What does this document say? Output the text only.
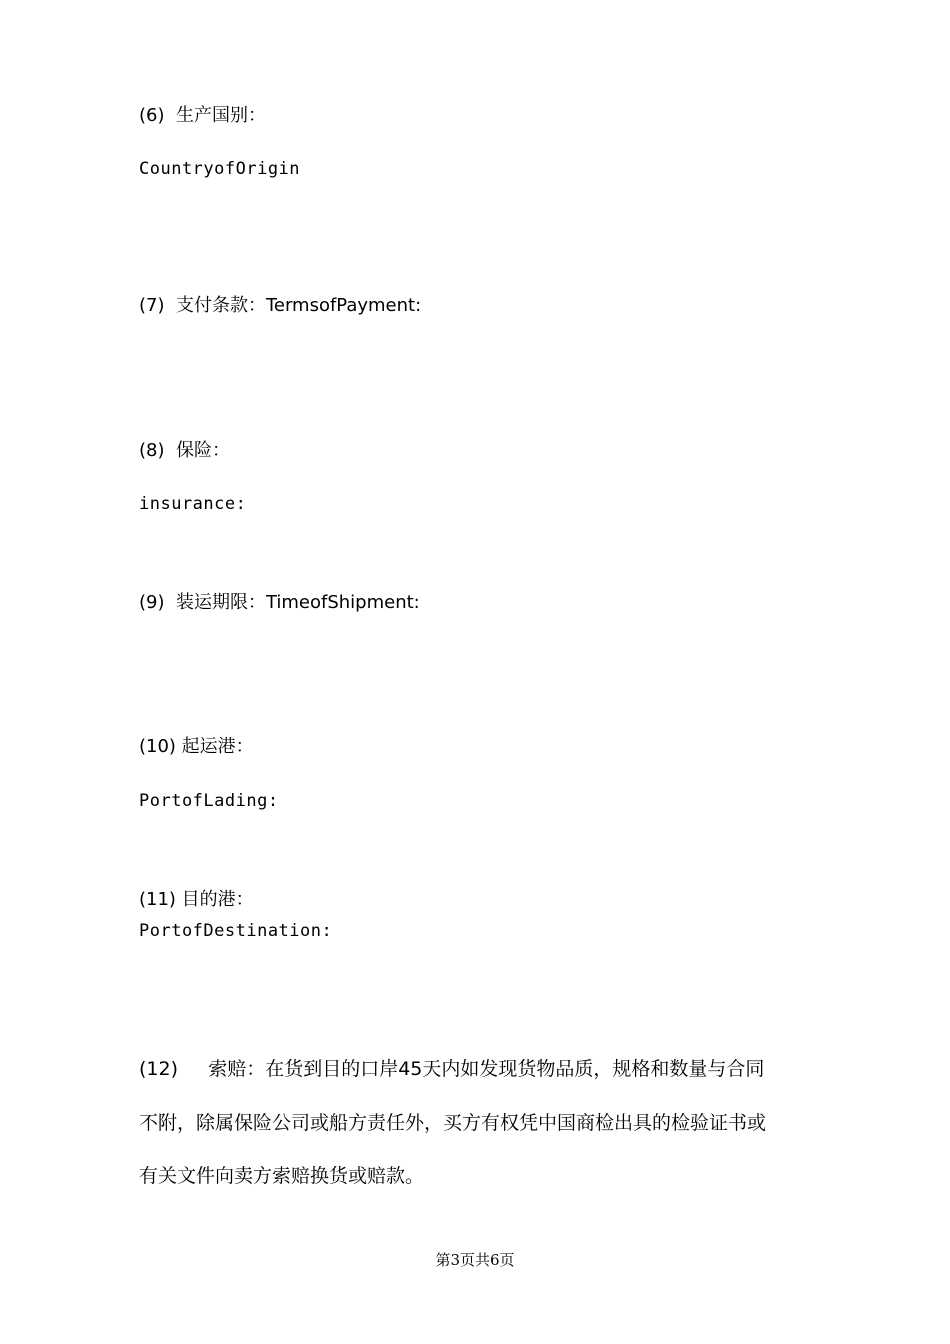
(6)  生产国别：
CountryofOrigin
(7)  支付条款：TermsofPayment:
(8)  保险：
insurance:
(9)  装运期限：TimeofShipment:
(10) 起运港：
PortofLading:
(11) 目的港：
PortofDestination:
(12)     索赔：在货到目的口岸45天内如发现货物品质，规格和数量与合同
不附，除属保险公司或船方责任外，买方有权凭中国商检出具的检验证书或
有关文件向卖方索赔换货或赔款。
第3页共6页
